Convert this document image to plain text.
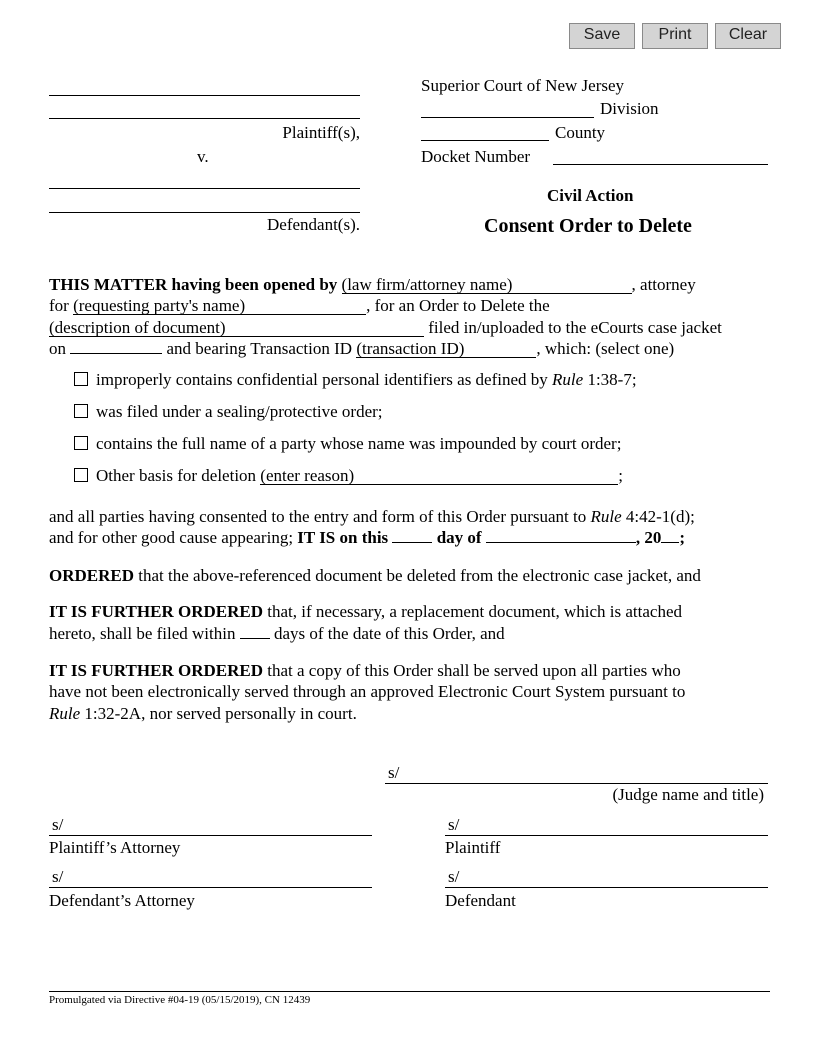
Save	Print	Clear
Plaintiff(s),
v.
Defendant(s).
Superior Court of New Jersey
Division
County
Docket Number
Civil Action
Consent Order to Delete
THIS MATTER having been opened by (law firm/attorney name)	, attorney
for (requesting party's name)	, for an Order to Delete the
(description of document)	filed in/uploaded to the eCourts case jacket
on	and bearing Transaction ID (transaction ID)	, which: (select one)
improperly contains confidential personal identifiers as defined by Rule 1:38-7;
was filed under a sealing/protective order;
contains the full name of a party whose name was impounded by court order;
Other basis for deletion (enter reason)	;
and all parties having consented to the entry and form of this Order pursuant to Rule 4:42-1(d);
and for other good cause appearing; IT IS on this	day of	, 20 ;
ORDERED that the above-referenced document be deleted from the electronic case jacket, and
IT IS FURTHER ORDERED that, if necessary, a replacement document, which is attached
hereto, shall be filed within days of the date of this Order, and
IT IS FURTHER ORDERED that a copy of this Order shall be served upon all parties who
have not been electronically served through an approved Electronic Court System pursuant to
Rule 1:32-2A, nor served personally in court.
s/
(Judge name and title)
s/
Plaintiff’s Attorney
s/
Plaintiff
s/
Defendant’s Attorney
s/
Defendant
Promulgated via Directive #04-19 (05/15/2019), CN 12439
